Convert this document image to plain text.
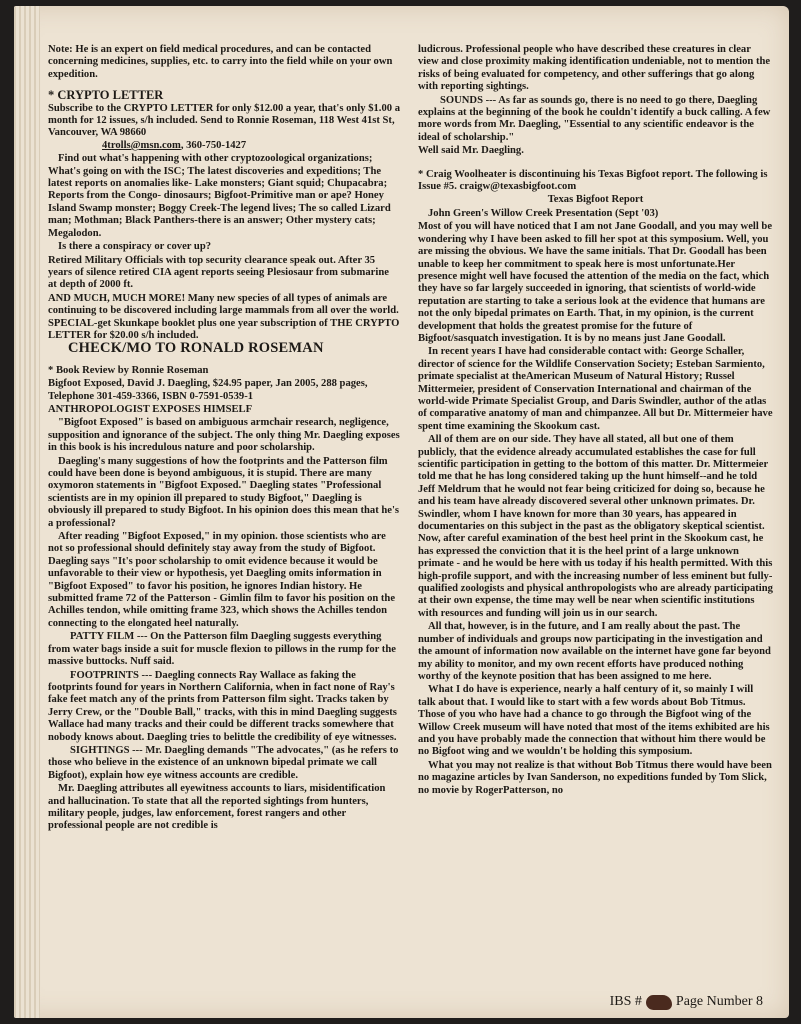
Note: He is an expert on field medical procedures, and can be contacted concerning medicines, supplies, etc. to carry into the field while on your own expedition.

* CRYPTO LETTER

Subscribe to the CRYPTO LETTER for only $12.00 a year, that's only $1.00 a month for 12 issues, s/h included. Send to Ronnie Roseman, 118 West 41st St, Vancouver, WA 98660
4trolls@msn.com, 360-750-1427

Find out what's happening with other cryptozoological organizations; What's going on with the ISC; The latest discoveries and expeditions; The latest reports on anomalies like- Lake monsters; Giant squid; Chupacabra; Reports from the Congo- dinosaurs; Bigfoot-Primitive man or ape? Honey Island Swamp monster; Boggy Creek-The legend lives; The so called Lizard man; Mothman; Black Panthers-there is an answer; Other mystery cats; Megalodon.

Is there a conspiracy or cover up?

Retired Military Officials with top security clearance speak out. After 35 years of silence retired CIA agent reports seeing Plesiosaur from submarine at depth of 2000 ft.

AND MUCH, MUCH MORE! Many new species of all types of animals are continuing to be discovered including large mammals from all over the world. SPECIAL-get Skunkape booklet plus one year subscription of THE CRYPTO LETTER for $20.00 s/h included.CHECK/MO TO RONALD ROSEMAN

* Book Review by Ronnie Roseman

Bigfoot Exposed, David J. Daegling, $24.95 paper, Jan 2005, 288 pages, Telephone 301-459-3366, ISBN 0-7591-0539-1

ANTHROPOLOGIST EXPOSES HIMSELF

"Bigfoot Exposed" is based on ambiguous armchair research, negligence, supposition and ignorance of the subject. The only thing Mr. Daegling exposes in this book is his incredulous nature and poor scholarship.

Daegling's many suggestions of how the footprints and the Patterson film could have been done is beyond ambiguous, it is stupid. There are many oxymoron statements in "Bigfoot Exposed." Daegling states "Professional scientists are in my opinion ill prepared to study Bigfoot," Daegling is obviously ill prepared to study Bigfoot. In his opinion does this mean that he's a professional?

After reading "Bigfoot Exposed," in my opinion. those scientists who are not so professional should definitely stay away from the study of Bigfoot. Daegling says "It's poor scholarship to omit evidence because it would be unfavorable to their view or hypothesis, yet Daegling omits information in "Bigfoot Exposed" to favor his position, he ignores Indian history. He submitted frame 72 of the Patterson - Gimlin film to favor his position on the Achilles tendon, while omitting frame 323, which shows the Achilles tendon connecting to the elongated heel naturally.

PATTY FILM --- On the Patterson film Daegling suggests everything from water bags inside a suit for muscle flexion to pillows in the rump for the massive buttocks. Nuff said.

FOOTPRINTS --- Daegling connects Ray Wallace as faking the footprints found for years in Northern California, when in fact none of Ray's fake feet match any of the prints from Patterson film sight. Tracks taken by Jerry Crew, or the "Double Ball," tracks, with this in mind Daegling suggests Wallace had many tracks and their could be different tracks somewhere that nobody knows about. Daegling tries to belittle the credibility of eye witnesses.

SIGHTINGS --- Mr. Daegling demands "The advocates," (as he refers to those who believe in the existence of an unknown bipedal primate we call Bigfoot), explain how eye witness accounts are credible.

Mr. Daegling attributes all eyewitness accounts to liars, misidentification and hallucination. To state that all the reported sightings from hunters, military people, judges, law enforcement, forest rangers and other professional people are not credible is

ludicrous. Professional people who have described these creatures in clear view and close proximity making identification undeniable, not to mention the risks of being evaluated for competency, and other sufferings that go along with reporting sightings.

SOUNDS --- As far as sounds go, there is no need to go there, Daegling explains at the beginning of the book he couldn't identify a buck calling. A few more words from Mr. Daegling, "Essential to any scientific endeavor is the ideal of scholarship."

Well said Mr. Daegling.

* Craig Woolheater is discontinuing his Texas Bigfoot report. The following is Issue #5. craigw@texasbigfoot.com

Texas Bigfoot Report

John Green's Willow Creek Presentation (Sept '03)

Most of you will have noticed that I am not Jane Goodall, and you may well be wondering why I have been asked to fill her spot at this symposium. Well, you are missing the obvious. We have the same initials. That Dr. Goodall has been unable to keep her commitment to speak here is most unfortunate.Her presence might well have focused the attention of the media on the fact, which they have so far largely succeeded in ignoring, that scientists of world-wide reputation are starting to take a serious look at the evidence that humans are not the only bipedal primates on Earth. That, in my opinion, is the current development that holds the greatest promise for the future of Bigfoot/sasquatch investigation. It is by no means just Jane Goodall.

In recent years I have had considerable contact with: George Schaller, director of science for the Wildlife Conservation Society; Esteban Sarmiento, primate specialist at theAmerican Museum of Natural History; Russel Mittermeier, president of Conservation International and chairman of the world-wide Primate Specialist Group, and Daris Swindler, author of the atlas of comparative anatomy of man and chimpanzee. All but Dr. Mittermeier have spent time examining the Skookum cast.

All of them are on our side. They have all stated, all but one of them publicly, that the evidence already accumulated establishes the case for full scientific participation in getting to the bottom of this matter. Dr. Mittermeier told me that he has long considered taking up the hunt himself--and he told Jeff Meldrum that he would not fear being criticized for doing so, because he and his team have already discovered several other unknown primates. Dr. Swindler, whom I have known for more than 30 years, has appeared in documentaries on this subject in the past as the obligatory skeptical scientist. Now, after careful examination of the best heel print in the Skookum cast, he has expressed the conviction that it is the heel print of a large unknown primate - and he would be here with us today if his health permitted. With this high-profile support, and with the increasing number of less eminent but fully-qualified zoologists and physical anthropologists who are already participating at their own expense, the time may well be near when scientific institutions with resources and funding will join us in our search.

All that, however, is in the future, and I am really about the past. The number of individuals and groups now participating in the investigation and the amount of information now available on the internet have gone far beyond my ability to monitor, and my own recent efforts have produced nothing worthy of the keynote position that has been assigned to me here.

What I do have is experience, nearly a half century of it, so mainly I will talk about that. I would like to start with a few words about Bob Titmus. Those of you who have had a chance to go through the Bigfoot wing of the Willow Creek museum will have noted that most of the items exhibited are his and you have probably made the connection that without him there would be no Bigfoot wing and we wouldn't be holding this symposium.

What you may not realize is that without Bob Titmus there would have been no magazine articles by Ivan Sanderson, no expeditions funded by Tom Slick, no movie by RogerPatterson, no

IBS # Page Number 8
